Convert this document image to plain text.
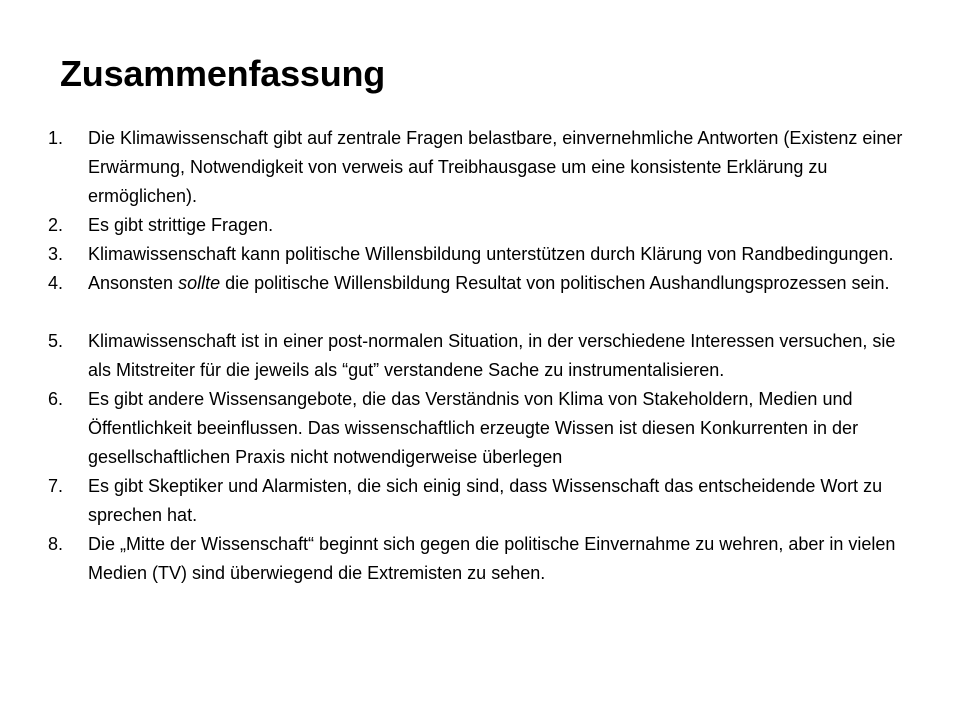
Zusammenfassung
1.	Die Klimawissenschaft gibt auf zentrale Fragen belastbare, einvernehmliche Antworten (Existenz einer Erwärmung, Notwendigkeit von verweis auf Treibhausgase um eine konsistente Erklärung zu ermöglichen).
2.	Es gibt strittige Fragen.
3.	Klimawissenschaft kann politische Willensbildung unterstützen durch Klärung von Randbedingungen.
4.	Ansonsten sollte die politische Willensbildung Resultat von politischen Aushandlungsprozessen sein.
5.	Klimawissenschaft ist in einer post-normalen Situation, in der verschiedene Interessen versuchen, sie als Mitstreiter für die jeweils als “gut” verstandene Sache zu instrumentalisieren.
6.	Es gibt andere Wissensangebote, die das Verständnis von Klima von Stakeholdern, Medien und Öffentlichkeit beeinflussen. Das wissenschaftlich erzeugte Wissen ist diesen Konkurrenten in der gesellschaftlichen Praxis nicht notwendigerweise überlegen
7.	Es gibt Skeptiker und Alarmisten, die sich einig sind, dass Wissenschaft das entscheidende Wort zu sprechen hat.
8.	Die „Mitte der Wissenschaft“ beginnt sich gegen die politische Einvernahme zu wehren, aber in vielen Medien (TV) sind überwiegend die Extremisten zu sehen.
